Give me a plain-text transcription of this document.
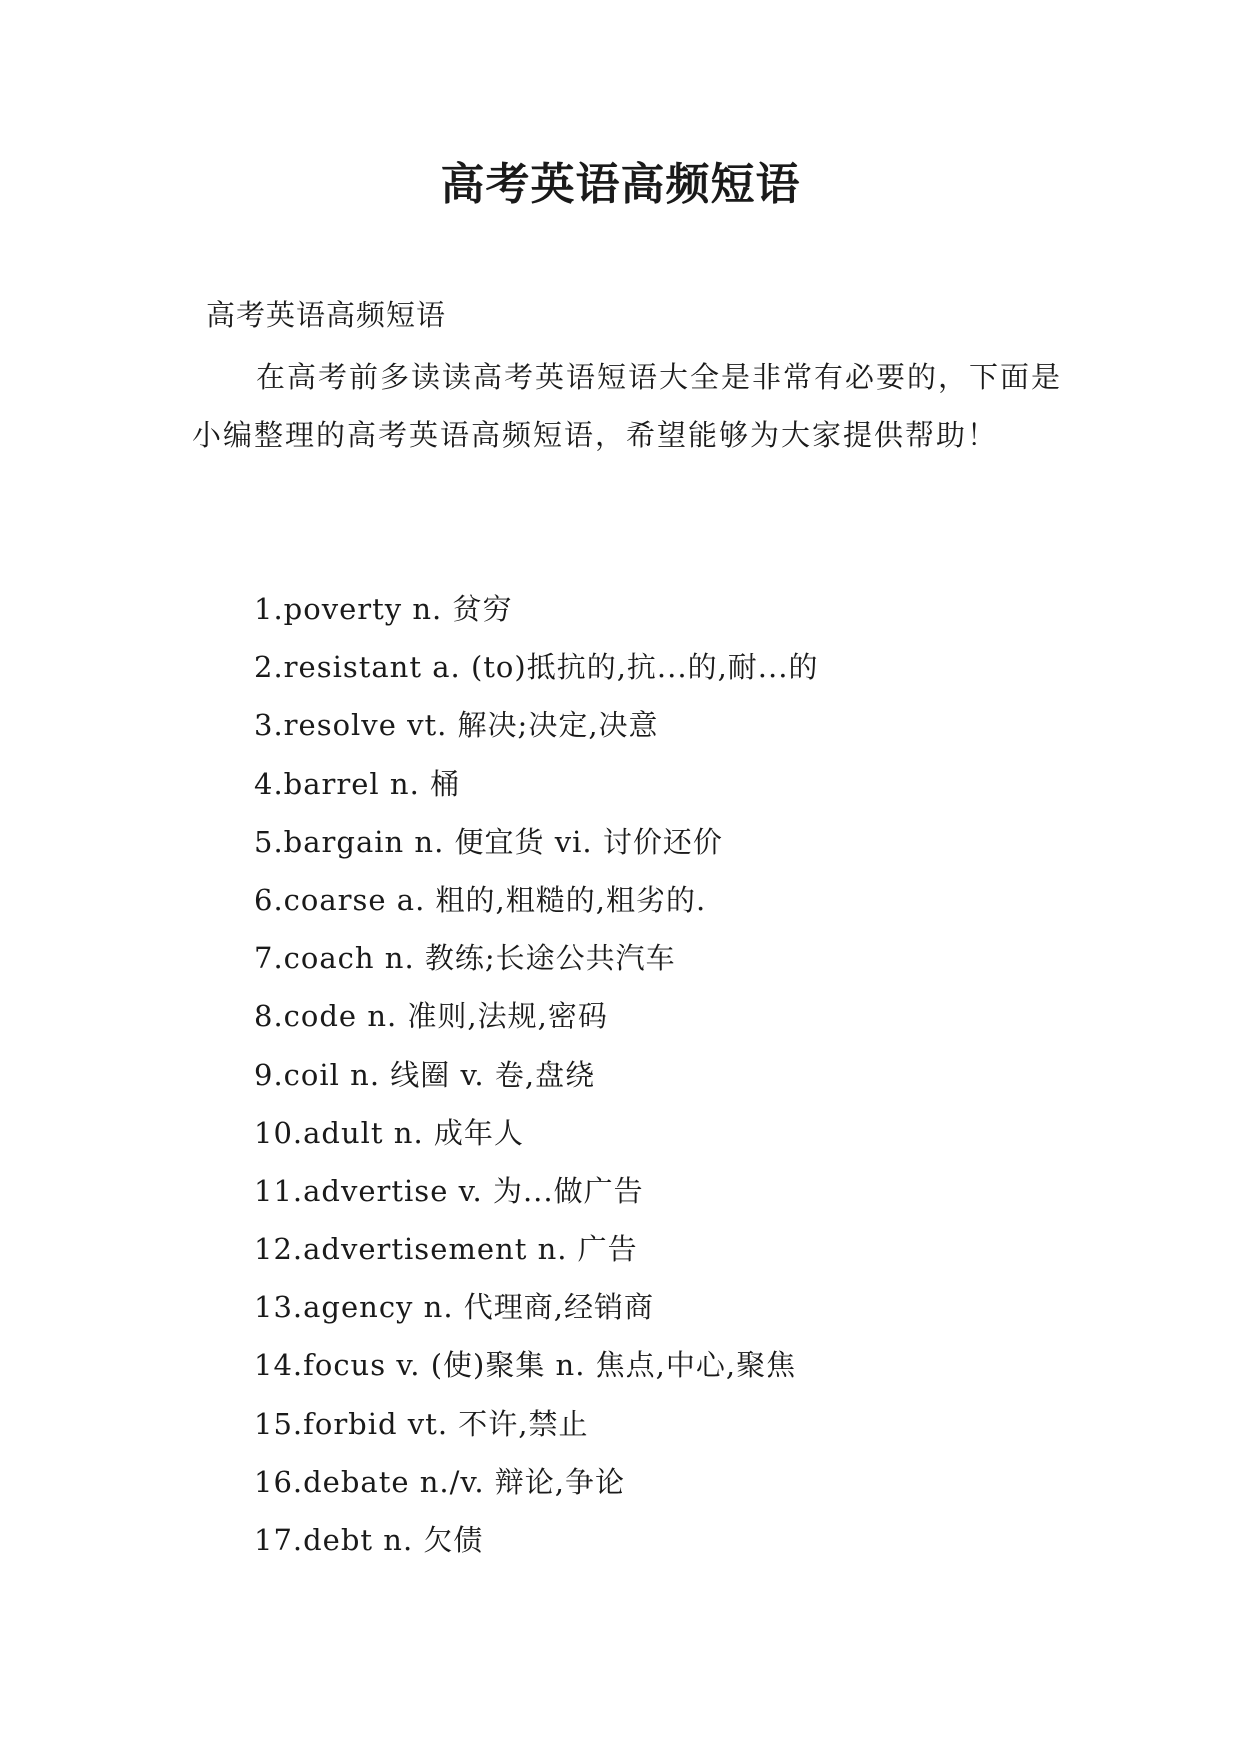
高考英语高频短语

高考英语高频短语

在高考前多读读高考英语短语大全是非常有必要的，下面是小编整理的高考英语高频短语，希望能够为大家提供帮助！

1.poverty n. 贫穷
2.resistant a. (to)抵抗的,抗...的,耐...的
3.resolve vt. 解决;决定,决意
4.barrel n. 桶
5.bargain n. 便宜货 vi. 讨价还价
6.coarse a. 粗的,粗糙的,粗劣的.
7.coach n. 教练;长途公共汽车
8.code n. 准则,法规,密码
9.coil n. 线圈 v. 卷,盘绕
10.adult n. 成年人
11.advertise v. 为...做广告
12.advertisement n. 广告
13.agency n. 代理商,经销商
14.focus v. (使)聚集 n. 焦点,中心,聚焦
15.forbid vt. 不许,禁止
16.debate n./v. 辩论,争论
17.debt n. 欠债
